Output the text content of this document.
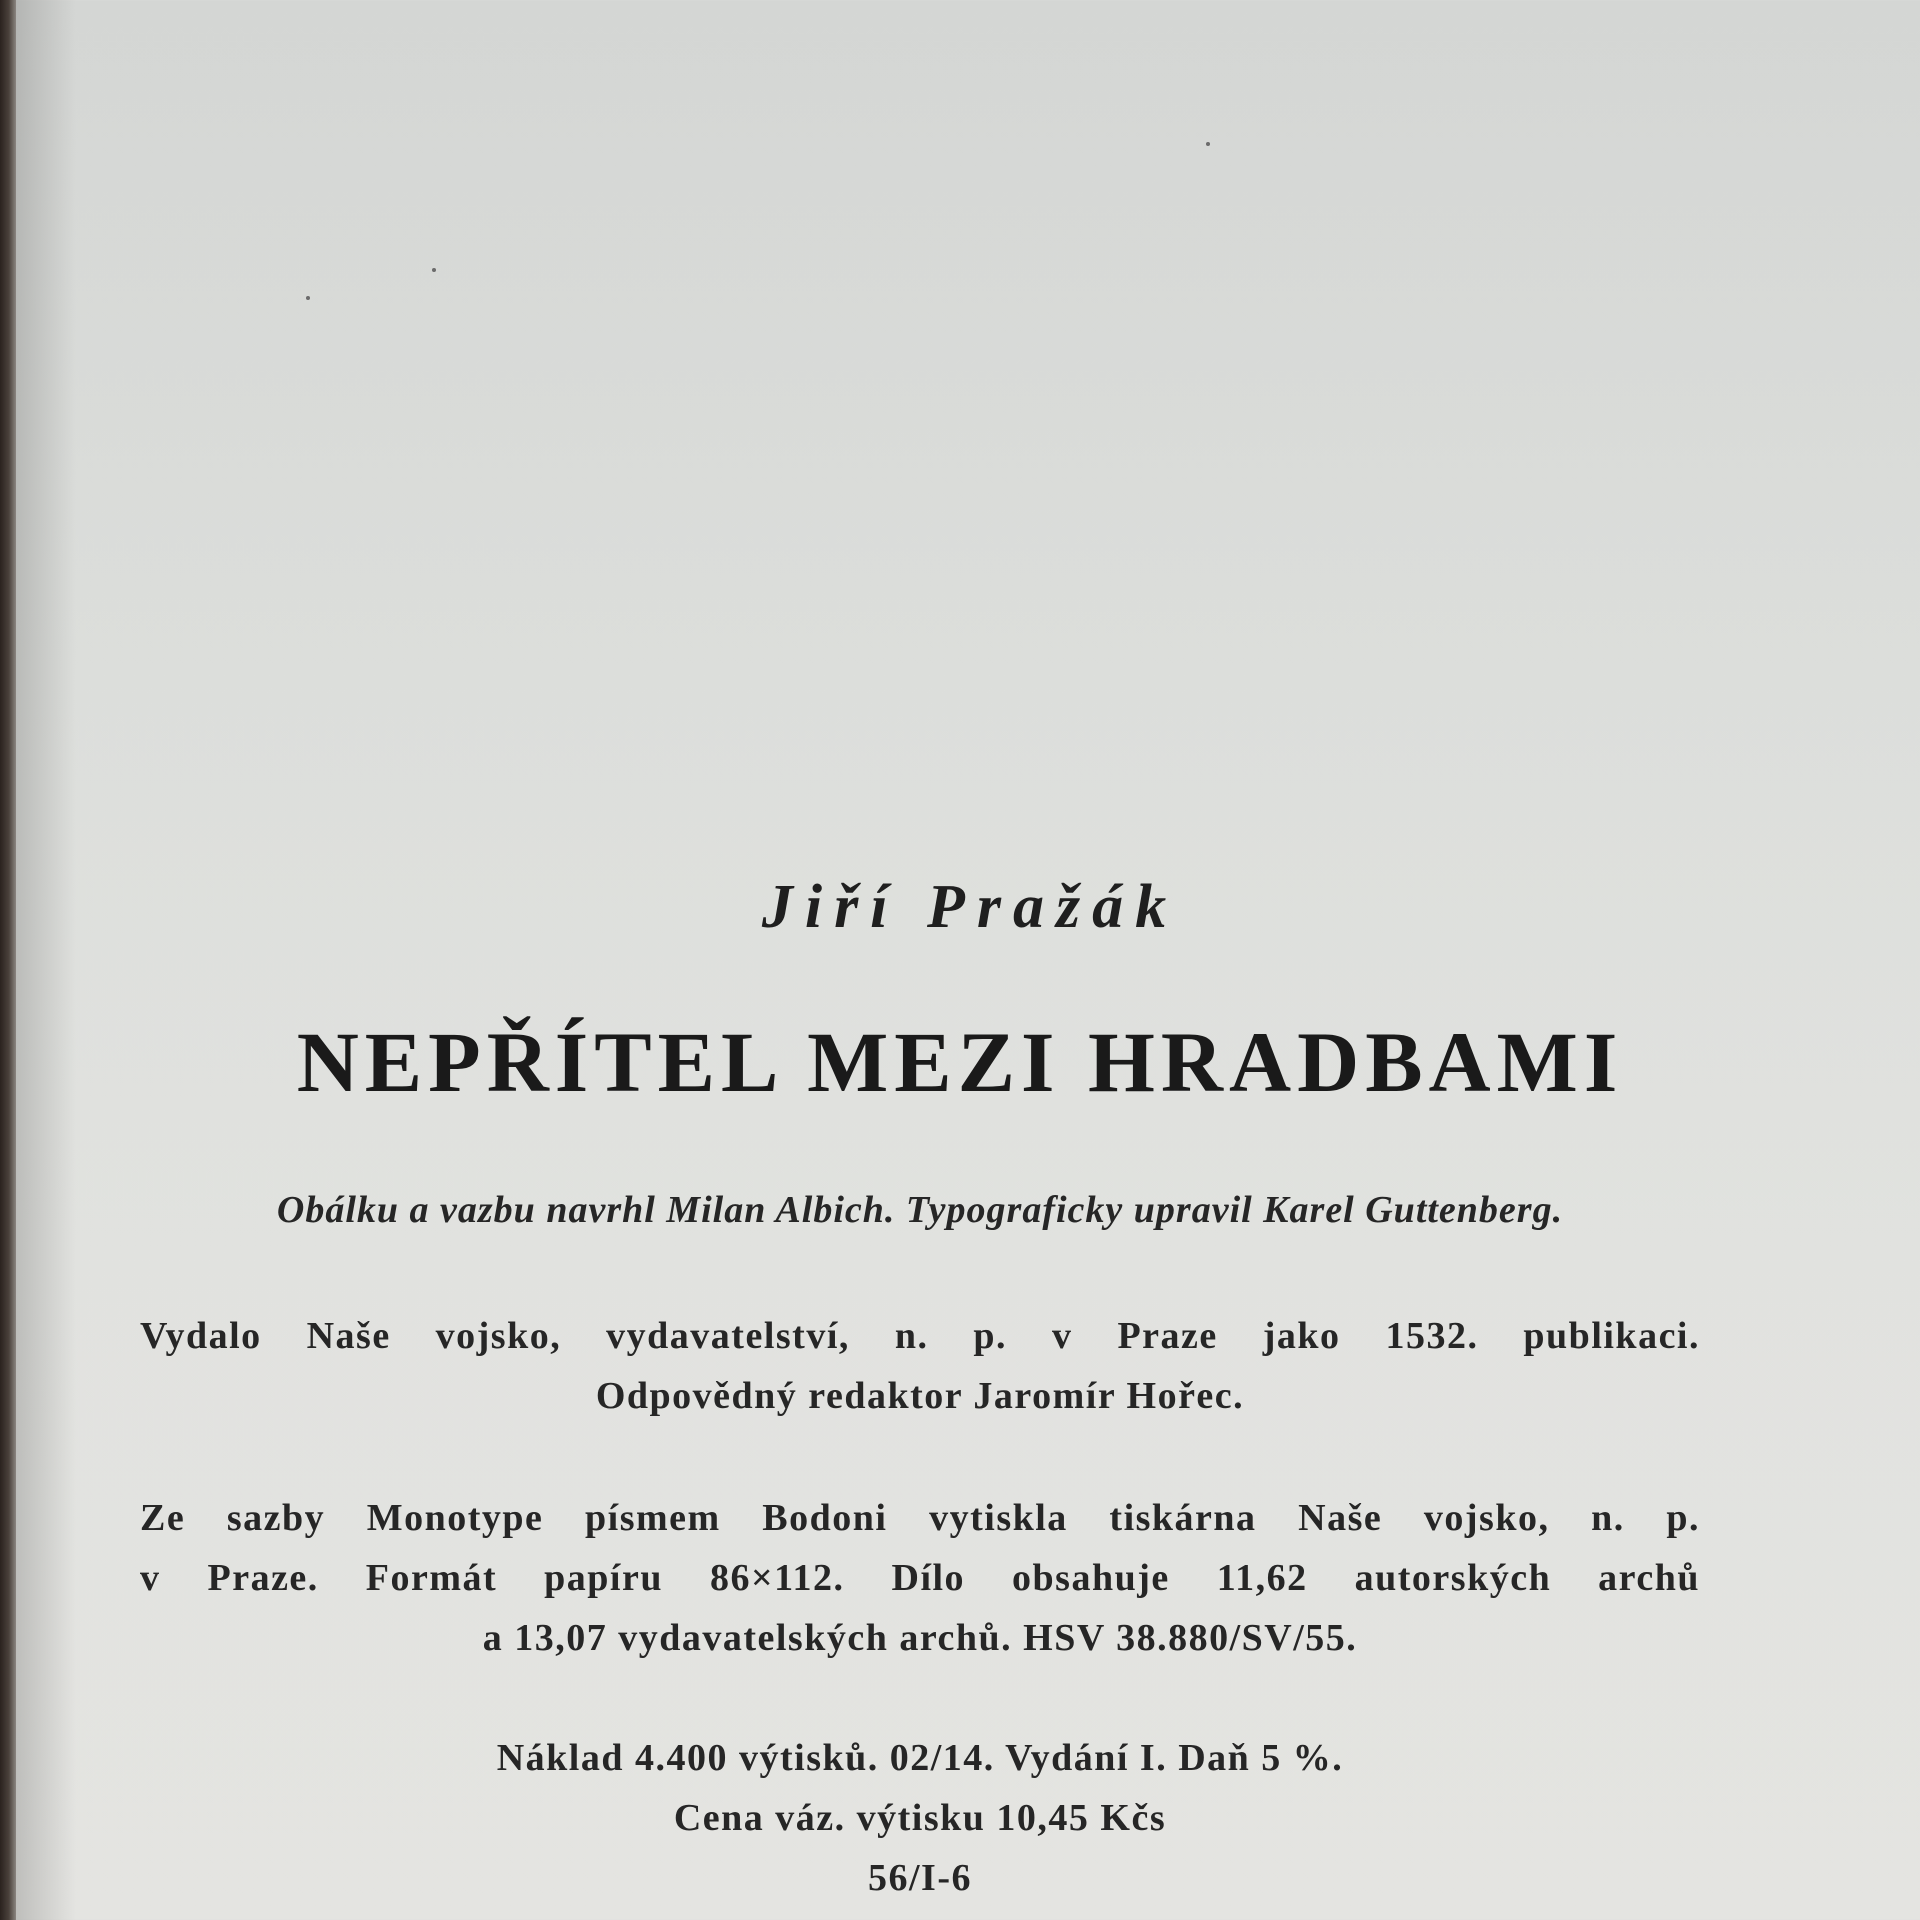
Jiří Pražák
NEPŘÍTEL MEZI HRADBAMI
Obálku a vazbu navrhl Milan Albich. Typograficky upravil Karel Guttenberg.
Vydalo Naše vojsko, vydavatelství, n. p. v Praze jako 1532. publikaci.
Odpovědný redaktor Jaromír Hořec.
Ze sazby Monotype písmem Bodoni vytiskla tiskárna Naše vojsko, n. p.
v Praze. Formát papíru 86×112. Dílo obsahuje 11,62 autorských archů
a 13,07 vydavatelských archů. HSV 38.880/SV/55.
Náklad 4.400 výtisků. 02/14. Vydání I. Daň 5 %.
Cena váz. výtisku 10,45 Kčs
56/I-6
